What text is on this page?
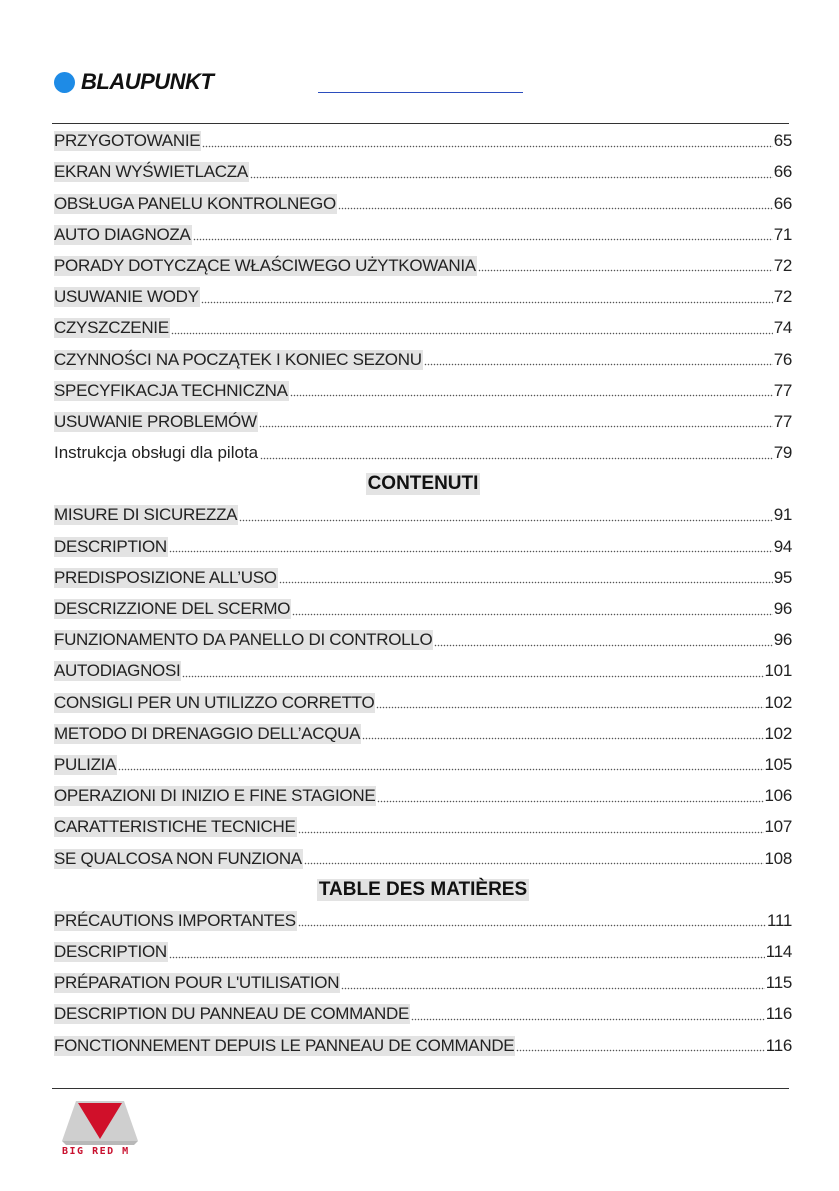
BLAUPUNKT
PRZYGOTOWANIE	65
EKRAN WYŚWIETLACZA	66
OBSŁUGA PANELU KONTROLNEGO	66
AUTO DIAGNOZA	71
PORADY DOTYCZĄCE WŁAŚCIWEGO UŻYTKOWANIA	72
USUWANIE WODY	72
CZYSZCZENIE	74
CZYNNOŚCI NA POCZĄTEK I KONIEC SEZONU	76
SPECYFIKACJA TECHNICZNA	77
USUWANIE PROBLEMÓW	77
Instrukcja obsługi dla pilota	79
CONTENUTI
MISURE DI SICUREZZA	91
DESCRIPTION	94
PREDISPOSIZIONE ALL’USO	95
DESCRIZZIONE DEL SCERMO	96
FUNZIONAMENTO DA PANELLO DI CONTROLLO	96
AUTODIAGNOSI	101
CONSIGLI PER UN UTILIZZO CORRETTO	102
METODO DI DRENAGGIO DELL’ACQUA	102
PULIZIA	105
OPERAZIONI DI INIZIO E FINE STAGIONE	106
CARATTERISTICHE TECNICHE	107
SE QUALCOSA NON FUNZIONA	108
TABLE DES MATIÈRES
PRÉCAUTIONS IMPORTANTES	111
DESCRIPTION	114
PRÉPARATION POUR L'UTILISATION	115
DESCRIPTION DU PANNEAU DE COMMANDE	116
FONCTIONNEMENT DEPUIS LE PANNEAU DE COMMANDE	116
BIG RED M
